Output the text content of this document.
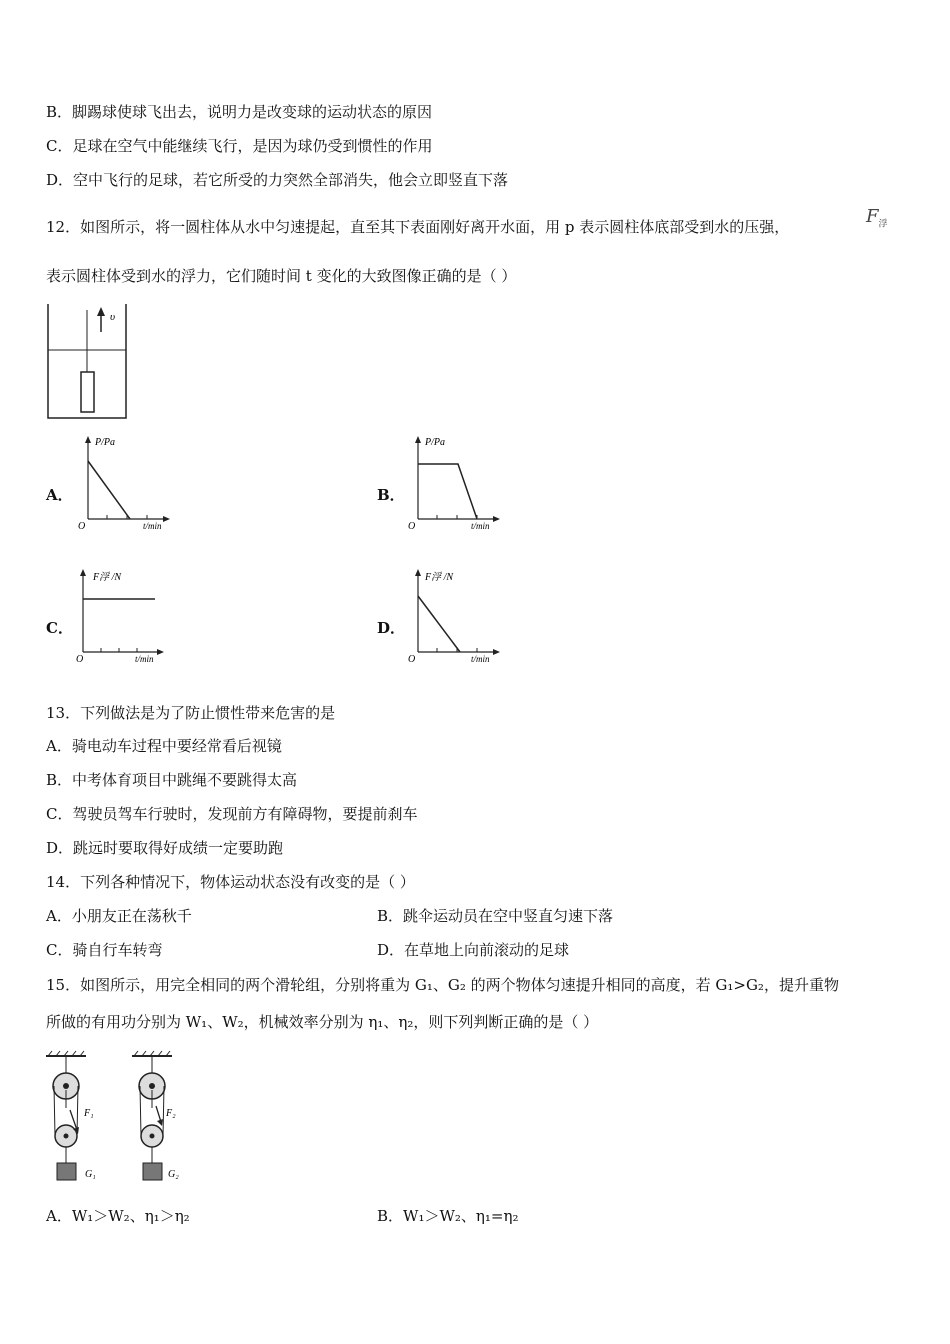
B．脚踢球使球飞出去，说明力是改变球的运动状态的原因
C．足球在空气中能继续飞行，是因为球仍受到惯性的作用
D．空中飞行的足球，若它所受的力突然全部消失，他会立即竖直下落
12．如图所示，将一圆柱体从水中匀速提起，直至其下表面刚好离开水面，用 p 表示圆柱体底部受到水的压强，	$F_浮$
表示圆柱体受到水的浮力，它们随时间 t 变化的大致图像正确的是（ ）
υ
A．
P/Pa
O	t/min
B．
P/Pa
O	t/min
C．
F浮 /N
O	t/min
D．
F浮 /N
O	t/min
13．下列做法是为了防止惯性带来危害的是
A．骑电动车过程中要经常看后视镜
B．中考体育项目中跳绳不要跳得太高
C．驾驶员驾车行驶时，发现前方有障碍物，要提前刹车
D．跳远时要取得好成绩一定要助跑
14．下列各种情况下，物体运动状态没有改变的是（ ）
A．小朋友正在荡秋千	B．跳伞运动员在空中竖直匀速下落
C．骑自行车转弯	D．在草地上向前滚动的足球
15．如图所示，用完全相同的两个滑轮组，分别将重为 G₁、G₂ 的两个物体匀速提升相同的高度，若 G₁>G₂，提升重物
所做的有用功分别为 W₁、W₂，机械效率分别为 η₁、η₂，则下列判断正确的是（ ）
F₁
G₁
F₂
G₂
A．W₁＞W₂、η₁＞η₂	B．W₁＞W₂、η₁=η₂
